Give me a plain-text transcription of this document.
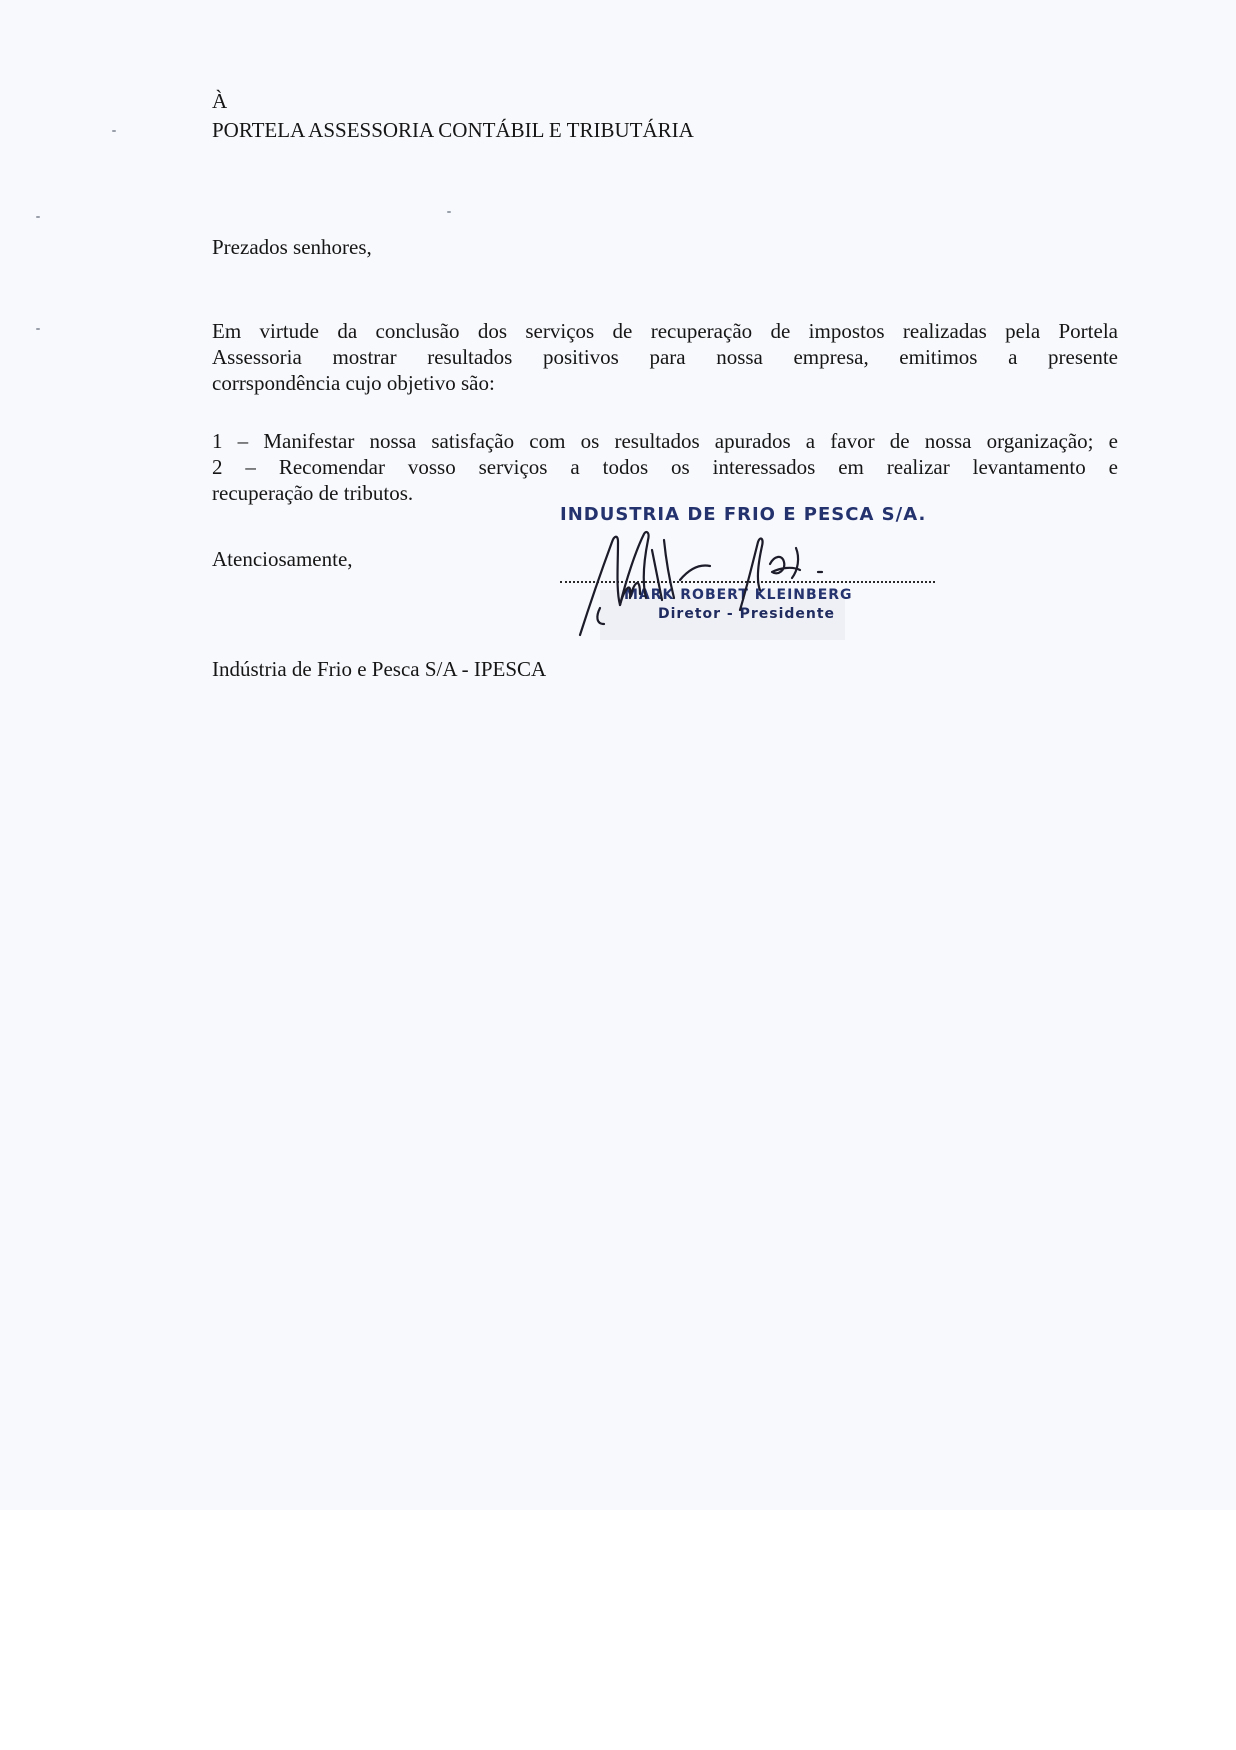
À
PORTELA ASSESSORIA CONTÁBIL E TRIBUTÁRIA
Prezados senhores,
Em virtude da conclusão dos serviços de recuperação de impostos realizadas pela Portela
Assessoria mostrar resultados positivos para nossa empresa, emitimos a presente
corrspondência cujo objetivo são:
1 – Manifestar nossa satisfação com os resultados apurados a favor de nossa organização; e
2 – Recomendar vosso serviços a todos os interessados em realizar levantamento e
recuperação de tributos.
Atenciosamente,
INDUSTRIA DE FRIO E PESCA S/A.
MARK ROBERT KLEINBERG
Diretor - Presidente
Indústria de Frio e Pesca S/A - IPESCA
